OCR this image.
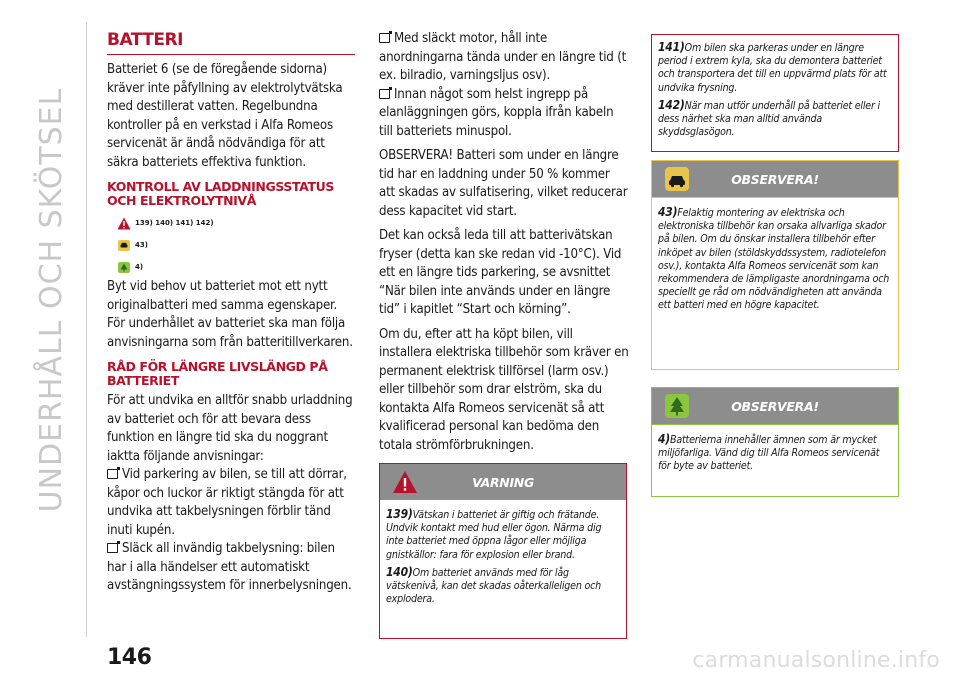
UNDERHÅLL OCH SKÖTSEL
BATTERI
Batteriet 6 (se de föregående sidorna) kräver inte påfyllning av elektrolytvätska med destillerat vatten. Regelbundna kontroller på en verkstad i Alfa Romeos servicenät är ändå nödvändiga för att säkra batteriets effektiva funktion.
KONTROLL AV LADDNINGSSTATUS OCH ELEKTROLYTNIVÅ
139) 140) 141) 142)
43)
4)
Byt vid behov ut batteriet mot ett nytt originalbatteri med samma egenskaper. För underhållet av batteriet ska man följa anvisningarna som från batteritillverkaren.
RÅD FÖR LÄNGRE LIVSLÄNGD PÅ BATTERIET
För att undvika en alltför snabb urladdning av batteriet och för att bevara dess funktion en längre tid ska du noggrant iaktta följande anvisningar:
Vid parkering av bilen, se till att dörrar, kåpor och luckor är riktigt stängda för att undvika att takbelysningen förblir tänd inuti kupén.
Släck all invändig takbelysning: bilen har i alla händelser ett automatiskt avstängningssystem för innerbelysningen.
Med släckt motor, håll inte anordningarna tända under en längre tid (t ex. bilradio, varningsljus osv).
Innan något som helst ingrepp på elanläggningen görs, koppla ifrån kabeln till batteriets minuspol.
OBSERVERA! Batteri som under en längre tid har en laddning under 50 % kommer att skadas av sulfatisering, vilket reducerar dess kapacitet vid start.
Det kan också leda till att batterivätskan fryser (detta kan ske redan vid -10°C). Vid ett en längre tids parkering, se avsnittet “När bilen inte används under en längre tid” i kapitlet “Start och körning”.
Om du, efter att ha köpt bilen, vill installera elektriska tillbehör som kräver en permanent elektrisk tillförsel (larm osv.) eller tillbehör som drar elström, ska du kontakta Alfa Romeos servicenät så att kvalificerad personal kan bedöma den totala strömförbrukningen.
VARNING
139)Vätskan i batteriet är giftig och frätande. Undvik kontakt med hud eller ögon. Närma dig inte batteriet med öppna lågor eller möjliga gnistkällor: fara för explosion eller brand.
140)Om batteriet används med för låg vätskenivå, kan det skadas oåterkalleligen och explodera.
141)Om bilen ska parkeras under en längre period i extrem kyla, ska du demontera batteriet och transportera det till en uppvärmd plats för att undvika frysning.
142)När man utför underhåll på batteriet eller i dess närhet ska man alltid använda skyddsglasögon.
OBSERVERA!
43)Felaktig montering av elektriska och elektroniska tillbehör kan orsaka allvarliga skador på bilen. Om du önskar installera tillbehör efter inköpet av bilen (stöldskyddssystem, radiotelefon osv.), kontakta Alfa Romeos servicenät som kan rekommendera de lämpligaste anordningarna och speciellt ge råd om nödvändigheten att använda ett batteri med en högre kapacitet.
OBSERVERA!
4)Batterierna innehåller ämnen som är mycket miljöfarliga. Vänd dig till Alfa Romeos servicenät för byte av batteriet.
146	carmanualsonline.info
